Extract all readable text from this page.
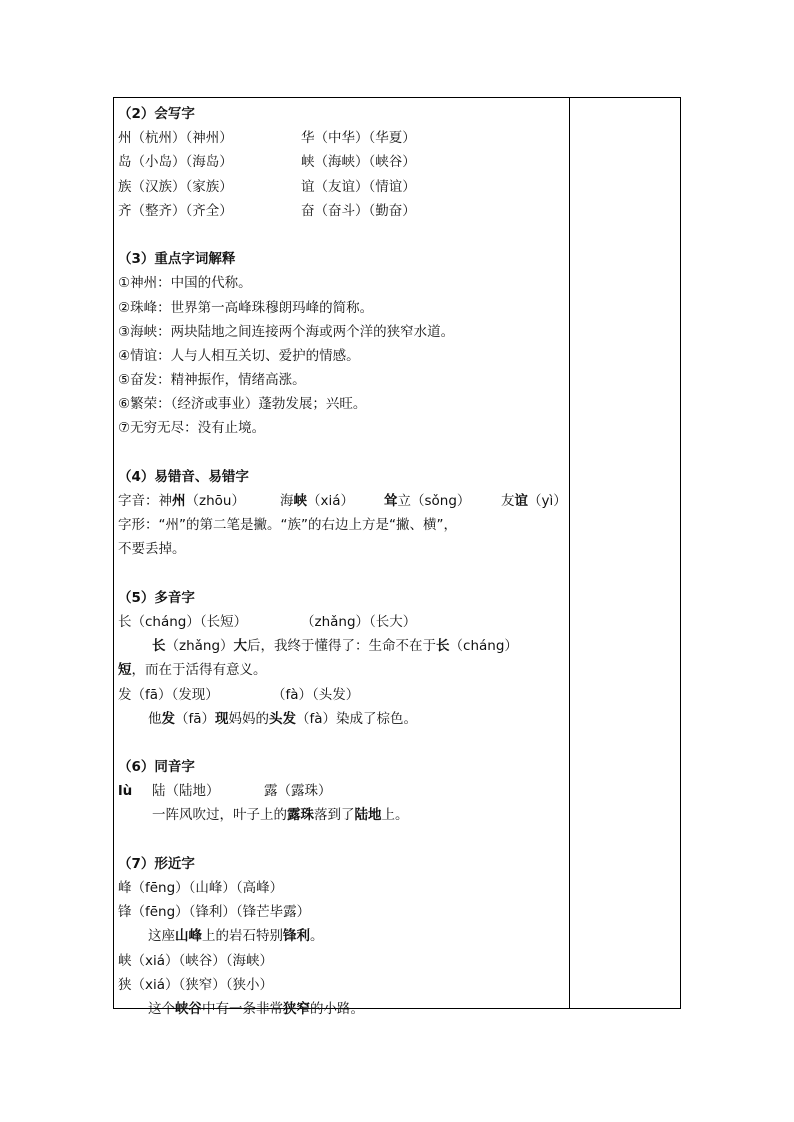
（2）会写字
州（杭州）（神州）	华（中华）（华夏）
岛（小岛）（海岛）	峡（海峡）（峡谷）
族（汉族）（家族）	谊（友谊）（情谊）
齐（整齐）（齐全）	奋（奋斗）（勤奋）
（3）重点字词解释
①神州：中国的代称。
②珠峰：世界第一高峰珠穆朗玛峰的简称。
③海峡：两块陆地之间连接两个海或两个洋的狭窄水道。
④情谊：人与人相互关切、爱护的情感。
⑤奋发：精神振作，情绪高涨。
⑥繁荣：（经济或事业）蓬勃发展；兴旺。
⑦无穷无尽：没有止境。
（4）易错音、易错字
字音：神州（zhōu）	海峡（xiá） 耸立（sǒng） 友谊（yì）
字形：“州”的第二笔是撇。“族”的右边上方是“撇、横”，
不要丢掉。
（5）多音字
长（cháng）（长短）	（zhǎng）（长大）
长（zhǎng）大后，我终于懂得了：生命不在于长（cháng）
短，而在于活得有意义。
发（fā）（发现）	（fà）（头发）
他发（fā）现妈妈的头发（fà）染成了棕色。
（6）同音字
lù 陆（陆地）	露（露珠）
一阵风吹过，叶子上的露珠落到了陆地上。
（7）形近字
峰（fēng）（山峰）（高峰）
锋（fēng）（锋利）（锋芒毕露）
这座山峰上的岩石特别锋利。
峡（xiá）（峡谷）（海峡）
狭（xiá）（狭窄）（狭小）
这个峡谷中有一条非常狭窄的小路。
